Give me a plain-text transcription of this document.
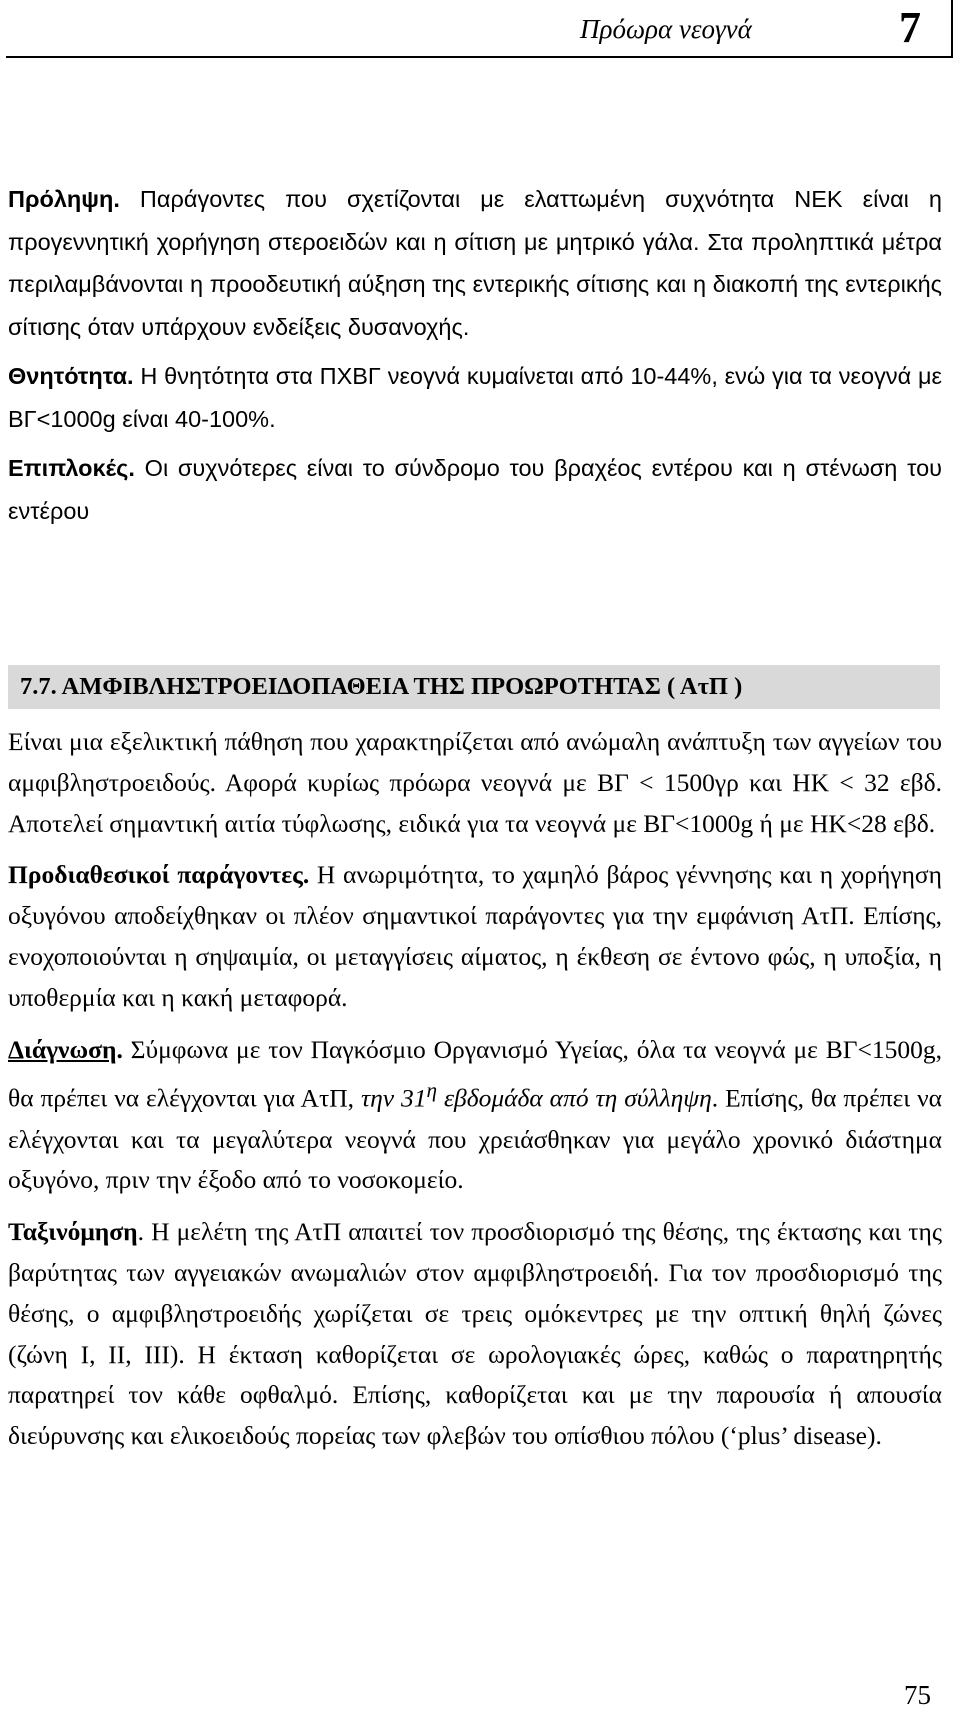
Πρόωρα νεογνά	7

Πρόληψη. Παράγοντες που σχετίζονται με ελαττωμένη συχνότητα ΝΕΚ είναι η προγεννητική χορήγηση στεροειδών και η σίτιση με μητρικό γάλα. Στα προληπτικά μέτρα περιλαμβάνονται η προοδευτική αύξηση της εντερικής σίτισης και η διακοπή της εντερικής σίτισης όταν υπάρχουν ενδείξεις δυσανοχής.

Θνητότητα. Η θνητότητα στα ΠΧΒΓ νεογνά κυμαίνεται από 10-44%, ενώ για τα νεογνά με ΒΓ<1000g είναι 40-100%.

Επιπλοκές. Οι συχνότερες είναι το σύνδρομο του βραχέος εντέρου και η στένωση του εντέρου

7.7. ΑΜΦΙΒΛΗΣΤΡΟΕΙΔΟΠΑΘΕΙΑ ΤΗΣ ΠΡΟΩΡΟΤΗΤΑΣ ( ΑτΠ )

Είναι μια εξελικτική πάθηση που χαρακτηρίζεται από ανώμαλη ανάπτυξη των αγγείων του αμφιβληστροειδούς. Αφορά κυρίως πρόωρα νεογνά με ΒΓ < 1500γρ και ΗΚ < 32 εβδ. Αποτελεί σημαντική αιτία τύφλωσης, ειδικά για τα νεογνά με ΒΓ<1000g ή με ΗΚ<28 εβδ.

Προδιαθεσικοί παράγοντες. Η ανωριμότητα, το χαμηλό βάρος γέννησης και η χορήγηση οξυγόνου αποδείχθηκαν οι πλέον σημαντικοί παράγοντες για την εμφάνιση ΑτΠ. Επίσης, ενοχοποιούνται η σηψαιμία, οι μεταγγίσεις αίματος, η έκθεση σε έντονο φώς, η υποξία, η υποθερμία και η κακή μεταφορά.

Διάγνωση. Σύμφωνα με τον Παγκόσμιο Οργανισμό Υγείας, όλα τα νεογνά με ΒΓ<1500g, θα πρέπει να ελέγχονται για ΑτΠ, την $31^\eta$ εβδομάδα από τη σύλληψη. Επίσης, θα πρέπει να ελέγχονται και τα μεγαλύτερα νεογνά που χρειάσθηκαν για μεγάλο χρονικό διάστημα οξυγόνο, πριν την έξοδο από το νοσοκομείο.

Ταξινόμηση. Η μελέτη της ΑτΠ απαιτεί τον προσδιορισμό της θέσης, της έκτασης και της βαρύτητας των αγγειακών ανωμαλιών στον αμφιβληστροειδή. Για τον προσδιορισμό της θέσης, ο αμφιβληστροειδής χωρίζεται σε τρεις ομόκεντρες με την οπτική θηλή ζώνες (ζώνη Ι, ΙΙ, ΙΙΙ). Η έκταση καθορίζεται σε ωρολογιακές ώρες, καθώς ο παρατηρητής παρατηρεί τον κάθε οφθαλμό. Επίσης, καθορίζεται και με την παρουσία ή απουσία διεύρυνσης και ελικοειδούς πορείας των φλεβών του οπίσθιου πόλου (‘plus’ disease).

75
